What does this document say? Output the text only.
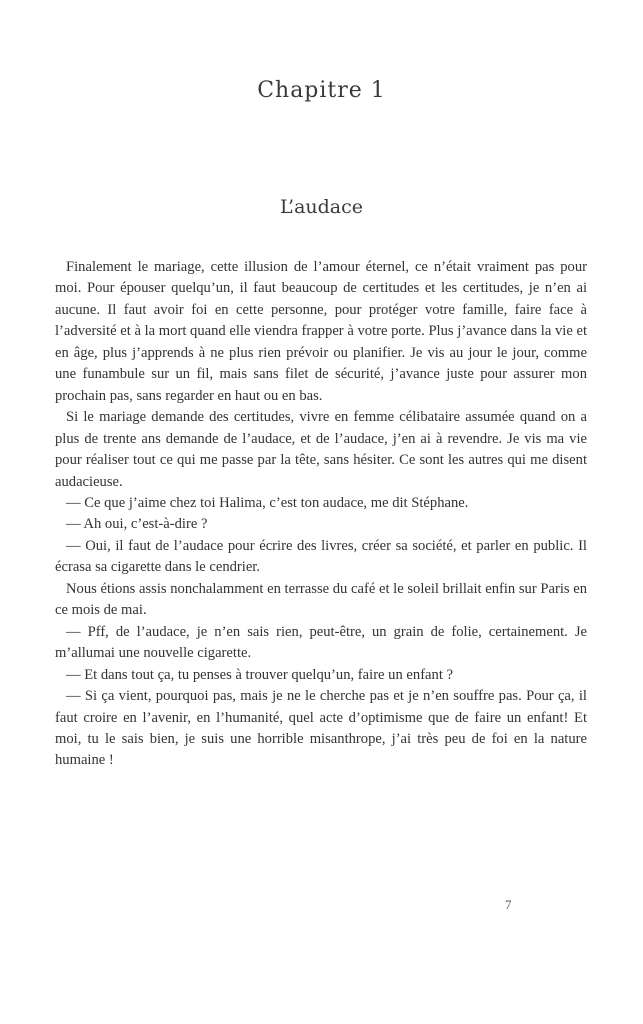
Chapitre 1
L’audace

Finalement le mariage, cette illusion de l’amour éternel, ce n’était vraiment pas pour moi. Pour épouser quelqu’un, il faut beaucoup de certitudes et les certitudes, je n’en ai aucune. Il faut avoir foi en cette personne, pour protéger votre famille, faire face à l’adversité et à la mort quand elle viendra frapper à votre porte. Plus j’avance dans la vie et en âge, plus j’apprends à ne plus rien prévoir ou planifier. Je vis au jour le jour, comme une funambule sur un fil, mais sans filet de sécurité, j’avance juste pour assurer mon prochain pas, sans regarder en haut ou en bas.

Si le mariage demande des certitudes, vivre en femme célibataire assumée quand on a plus de trente ans demande de l’audace, et de l’audace, j’en ai à revendre. Je vis ma vie pour réaliser tout ce qui me passe par la tête, sans hésiter. Ce sont les autres qui me disent audacieuse.

— Ce que j’aime chez toi Halima, c’est ton audace, me dit Stéphane.

— Ah oui, c’est-à-dire ?

— Oui, il faut de l’audace pour écrire des livres, créer sa société, et parler en public. Il écrasa sa cigarette dans le cendrier.

Nous étions assis nonchalamment en terrasse du café et le soleil brillait enfin sur Paris en ce mois de mai.

— Pff, de l’audace, je n’en sais rien, peut-être, un grain de folie, certainement. Je m’allumai une nouvelle cigarette.

— Et dans tout ça, tu penses à trouver quelqu’un, faire un enfant ?

— Si ça vient, pourquoi pas, mais je ne le cherche pas et je n’en souffre pas. Pour ça, il faut croire en l’avenir, en l’humanité, quel acte d’optimisme que de faire un enfant! Et moi, tu le sais bien, je suis une horrible misanthrope, j’ai très peu de foi en la nature humaine !

7
